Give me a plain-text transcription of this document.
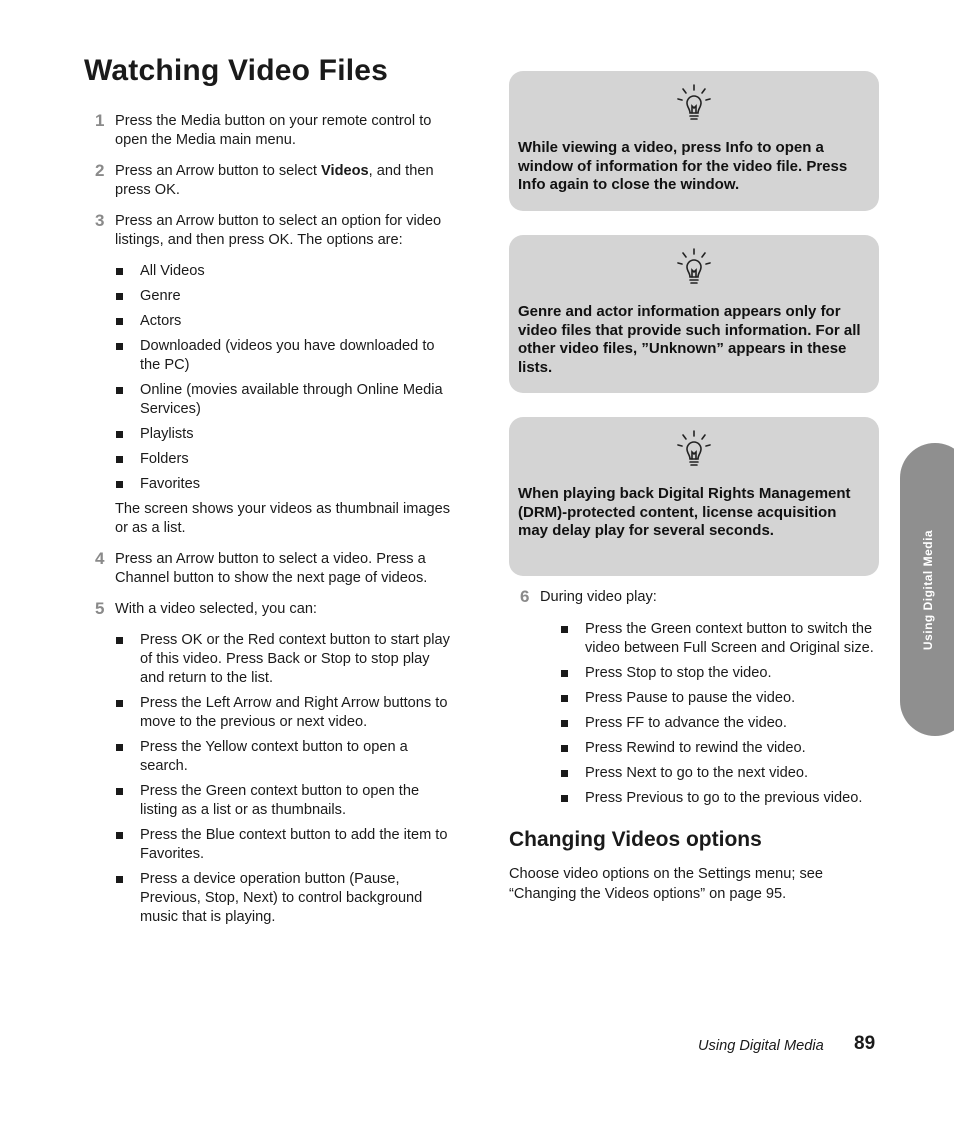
Watching Video Files
1 Press the Media button on your remote control to open the Media main menu.
2 Press an Arrow button to select Videos, and then press OK.
3 Press an Arrow button to select an option for video listings, and then press OK. The options are:
All Videos
Genre
Actors
Downloaded (videos you have downloaded to the PC)
Online (movies available through Online Media Services)
Playlists
Folders
Favorites
The screen shows your videos as thumbnail images or as a list.
4 Press an Arrow button to select a video. Press a Channel button to show the next page of videos.
5 With a video selected, you can:
Press OK or the Red context button to start play of this video. Press Back or Stop to stop play and return to the list.
Press the Left Arrow and Right Arrow buttons to move to the previous or next video.
Press the Yellow context button to open a search.
Press the Green context button to open the listing as a list or as thumbnails.
Press the Blue context button to add the item to Favorites.
Press a device operation button (Pause, Previous, Stop, Next) to control background music that is playing.
While viewing a video, press Info to open a window of information for the video file. Press Info again to close the window.
Genre and actor information appears only for video files that provide such information. For all other video files, ”Unknown” appears in these lists.
When playing back Digital Rights Management (DRM)-protected content, license acquisition may delay play for several seconds.
6 During video play:
Press the Green context button to switch the video between Full Screen and Original size.
Press Stop to stop the video.
Press Pause to pause the video.
Press FF to advance the video.
Press Rewind to rewind the video.
Press Next to go to the next video.
Press Previous to go to the previous video.
Changing Videos options

Choose video options on the Settings menu; see “Changing the Videos options” on page 95.

Using Digital Media 89
Using Digital Media
